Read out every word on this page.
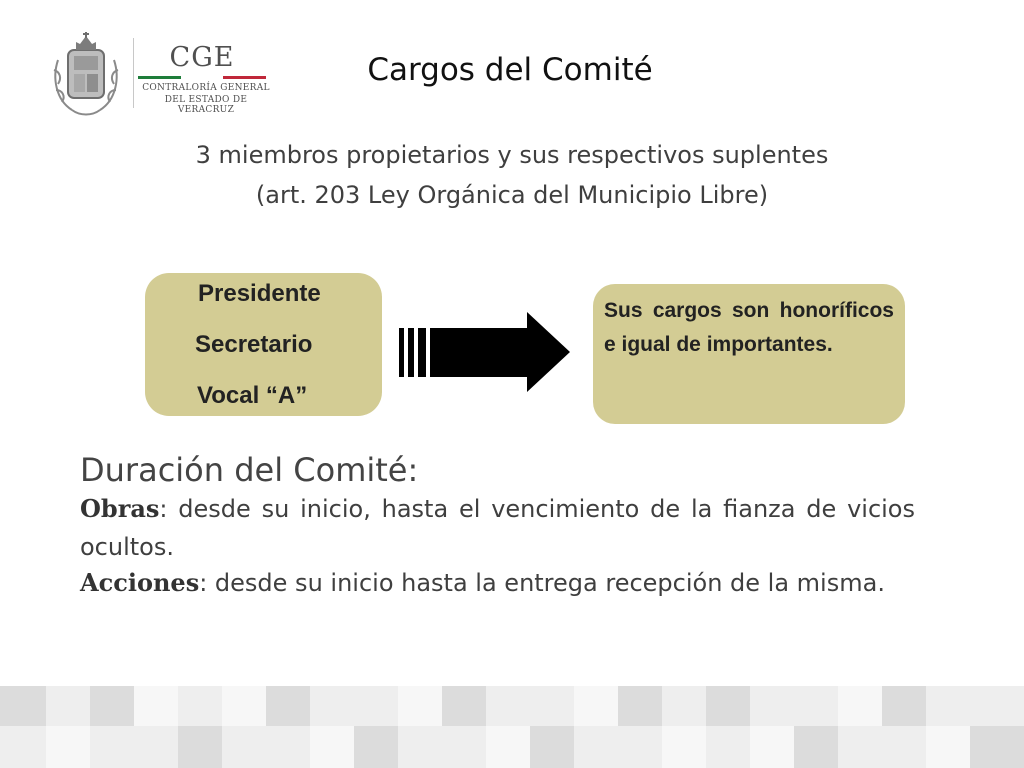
CGE
CONTRALORÍA GENERAL
DEL ESTADO DE VERACRUZ
Cargos del Comité
3 miembros propietarios y sus respectivos suplentes
(art. 203 Ley Orgánica del Municipio Libre)
Presidente
Secretario
Vocal “A”
Sus cargos son honoríficos e igual de importantes.
Duración del Comité:
Obras: desde su inicio, hasta el vencimiento de la fianza de vicios ocultos.
Acciones: desde su inicio hasta la entrega recepción de la misma.
